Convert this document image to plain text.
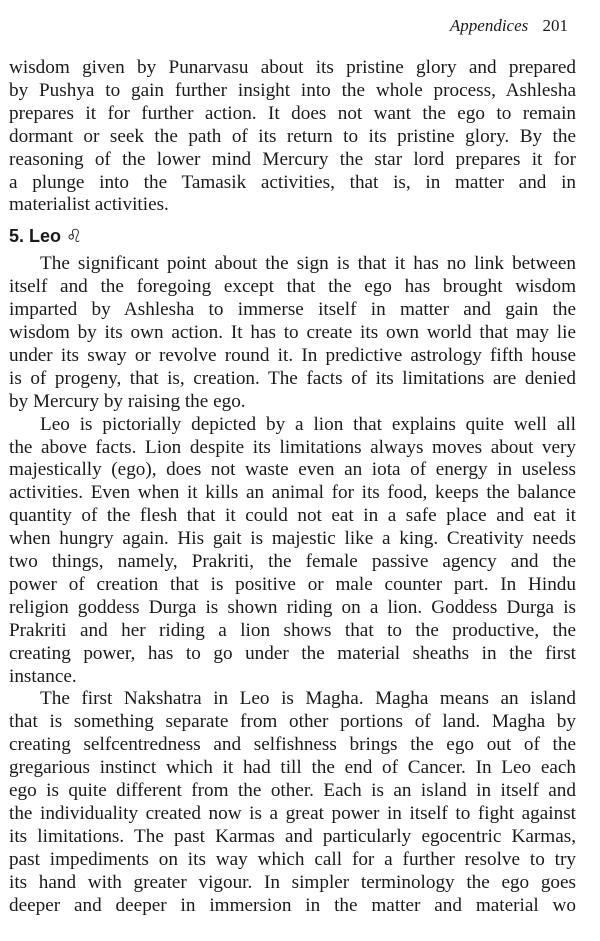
Appendices 201
wisdom given by Punarvasu about its pristine glory and prepared
by Pushya to gain further insight into the whole process, Ashlesha
prepares it for further action. It does not want the ego to remain
dormant or seek the path of its return to its pristine glory. By the
reasoning of the lower mind Mercury the star lord prepares it for
a plunge into the Tamasik activities, that is, in matter and in
materialist activities.
5. Leo ♌
The significant point about the sign is that it has no link between
itself and the foregoing except that the ego has brought wisdom
imparted by Ashlesha to immerse itself in matter and gain the
wisdom by its own action. It has to create its own world that may lie
under its sway or revolve round it. In predictive astrology fifth house
is of progeny, that is, creation. The facts of its limitations are denied
by Mercury by raising the ego.
Leo is pictorially depicted by a lion that explains quite well all
the above facts. Lion despite its limitations always moves about very
majestically (ego), does not waste even an iota of energy in useless
activities. Even when it kills an animal for its food, keeps the balance
quantity of the flesh that it could not eat in a safe place and eat it
when hungry again. His gait is majestic like a king. Creativity needs
two things, namely, Prakriti, the female passive agency and the
power of creation that is positive or male counter part. In Hindu
religion goddess Durga is shown riding on a lion. Goddess Durga is
Prakriti and her riding a lion shows that to the productive, the
creating power, has to go under the material sheaths in the first
instance.
The first Nakshatra in Leo is Magha. Magha means an island
that is something separate from other portions of land. Magha by
creating selfcentredness and selfishness brings the ego out of the
gregarious instinct which it had till the end of Cancer. In Leo each
ego is quite different from the other. Each is an island in itself and
the individuality created now is a great power in itself to fight against
its limitations. The past Karmas and particularly egocentric Karmas,
past impediments on its way which call for a further resolve to try
its hand with greater vigour. In simpler terminology the ego goes
deeper and deeper in immersion in the matter and material wo
